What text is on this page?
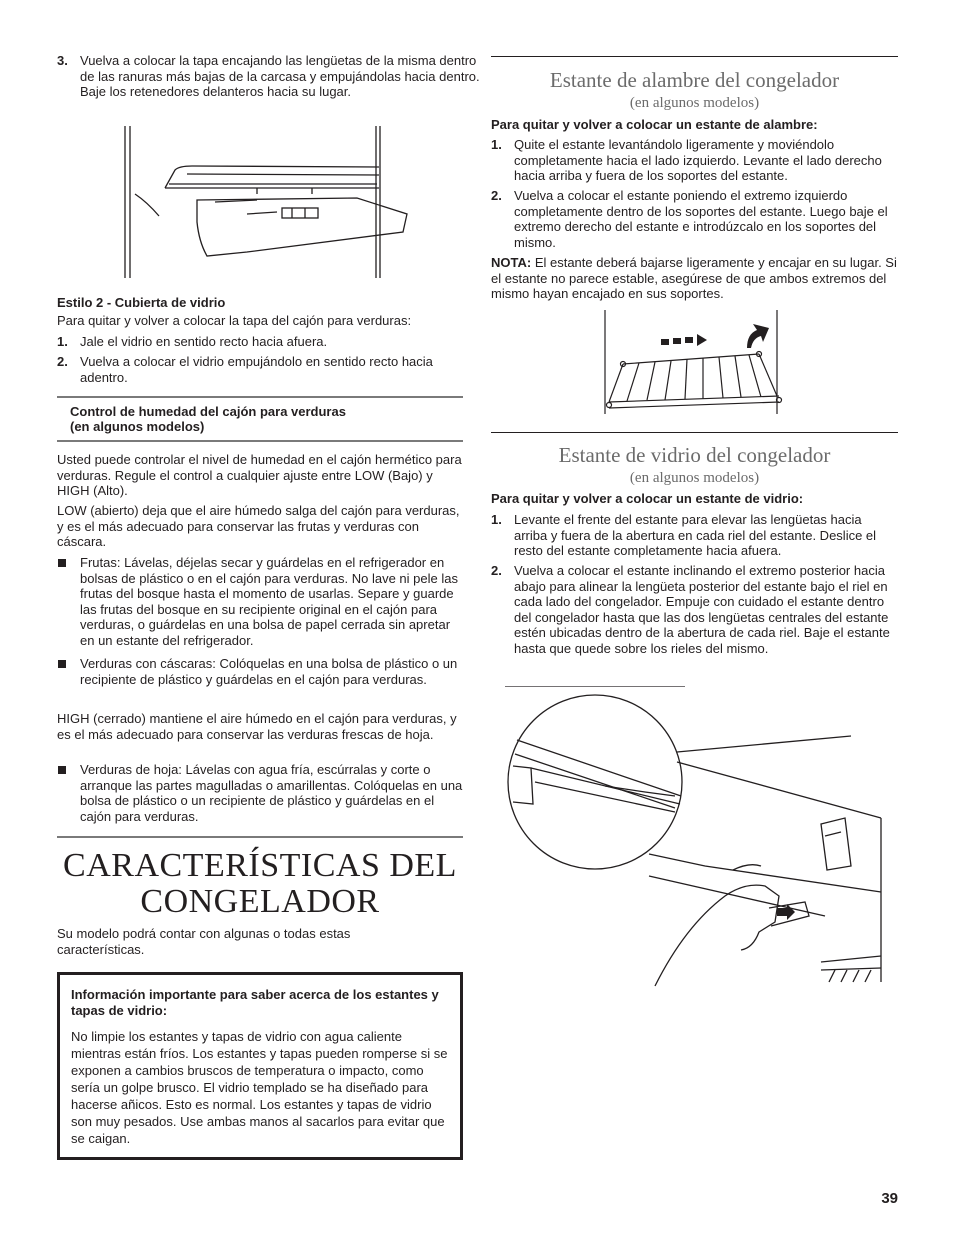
3. Vuelva a colocar la tapa encajando las lengüetas de la misma dentro de las ranuras más bajas de la carcasa y empujándolas hacia dentro. Baje los retenedores delanteros hacia su lugar.

Estilo 2 - Cubierta de vidrio

Para quitar y volver a colocar la tapa del cajón para verduras:

1. Jale el vidrio en sentido recto hacia afuera.

2. Vuelva a colocar el vidrio empujándolo en sentido recto hacia adentro.

Control de humedad del cajón para verduras

(en algunos modelos)

Usted puede controlar el nivel de humedad en el cajón hermético para verduras. Regule el control a cualquier ajuste entre LOW (Bajo) y HIGH (Alto).

LOW (abierto) deja que el aire húmedo salga del cajón para verduras, y es el más adecuado para conservar las frutas y verduras con cáscara.

Frutas: Lávelas, déjelas secar y guárdelas en el refrigerador en bolsas de plástico o en el cajón para verduras. No lave ni pele las frutas del bosque hasta el momento de usarlas. Separe y guarde las frutas del bosque en su recipiente original en el cajón para verduras, o guárdelas en una bolsa de papel cerrada sin apretar en un estante del refrigerador.

Verduras con cáscaras: Colóquelas en una bolsa de plástico o un recipiente de plástico y guárdelas en el cajón para verduras.

HIGH (cerrado) mantiene el aire húmedo en el cajón para verduras, y es el más adecuado para conservar las verduras frescas de hoja.

Verduras de hoja: Lávelas con agua fría, escúrralas y corte o arranque las partes magulladas o amarillentas. Colóquelas en una bolsa de plástico o un recipiente de plástico y guárdelas en el cajón para verduras.

CARACTERÍSTICAS DEL
CONGELADOR

Su modelo podrá contar con algunas o todas estas características.

Información importante para saber acerca de los estantes y tapas de vidrio:

No limpie los estantes y tapas de vidrio con agua caliente mientras están fríos. Los estantes y tapas pueden romperse si se exponen a cambios bruscos de temperatura o impacto, como sería un golpe brusco. El vidrio templado se ha diseñado para hacerse añicos. Esto es normal. Los estantes y tapas de vidrio son muy pesados. Use ambas manos al sacarlos para evitar que se caigan.

Estante de alambre del congelador
(en algunos modelos)

Para quitar y volver a colocar un estante de alambre:

1. Quite el estante levantándolo ligeramente y moviéndolo completamente hacia el lado izquierdo. Levante el lado derecho hacia arriba y fuera de los soportes del estante.

2. Vuelva a colocar el estante poniendo el extremo izquierdo completamente dentro de los soportes del estante. Luego baje el extremo derecho del estante e introdúzcalo en los soportes del mismo.

NOTA: El estante deberá bajarse ligeramente y encajar en su lugar. Si el estante no parece estable, asegúrese de que ambos extremos del mismo hayan encajado en sus soportes.

Estante de vidrio del congelador
(en algunos modelos)

Para quitar y volver a colocar un estante de vidrio:

1. Levante el frente del estante para elevar las lengüetas hacia arriba y fuera de la abertura en cada riel del estante. Deslice el resto del estante completamente hacia afuera.

2. Vuelva a colocar el estante inclinando el extremo posterior hacia abajo para alinear la lengüeta posterior del estante bajo el riel en cada lado del congelador. Empuje con cuidado el estante dentro del congelador hasta que las dos lengüetas centrales del estante estén ubicadas dentro de la abertura de cada riel. Baje el estante hasta que quede sobre los rieles del mismo.

39
